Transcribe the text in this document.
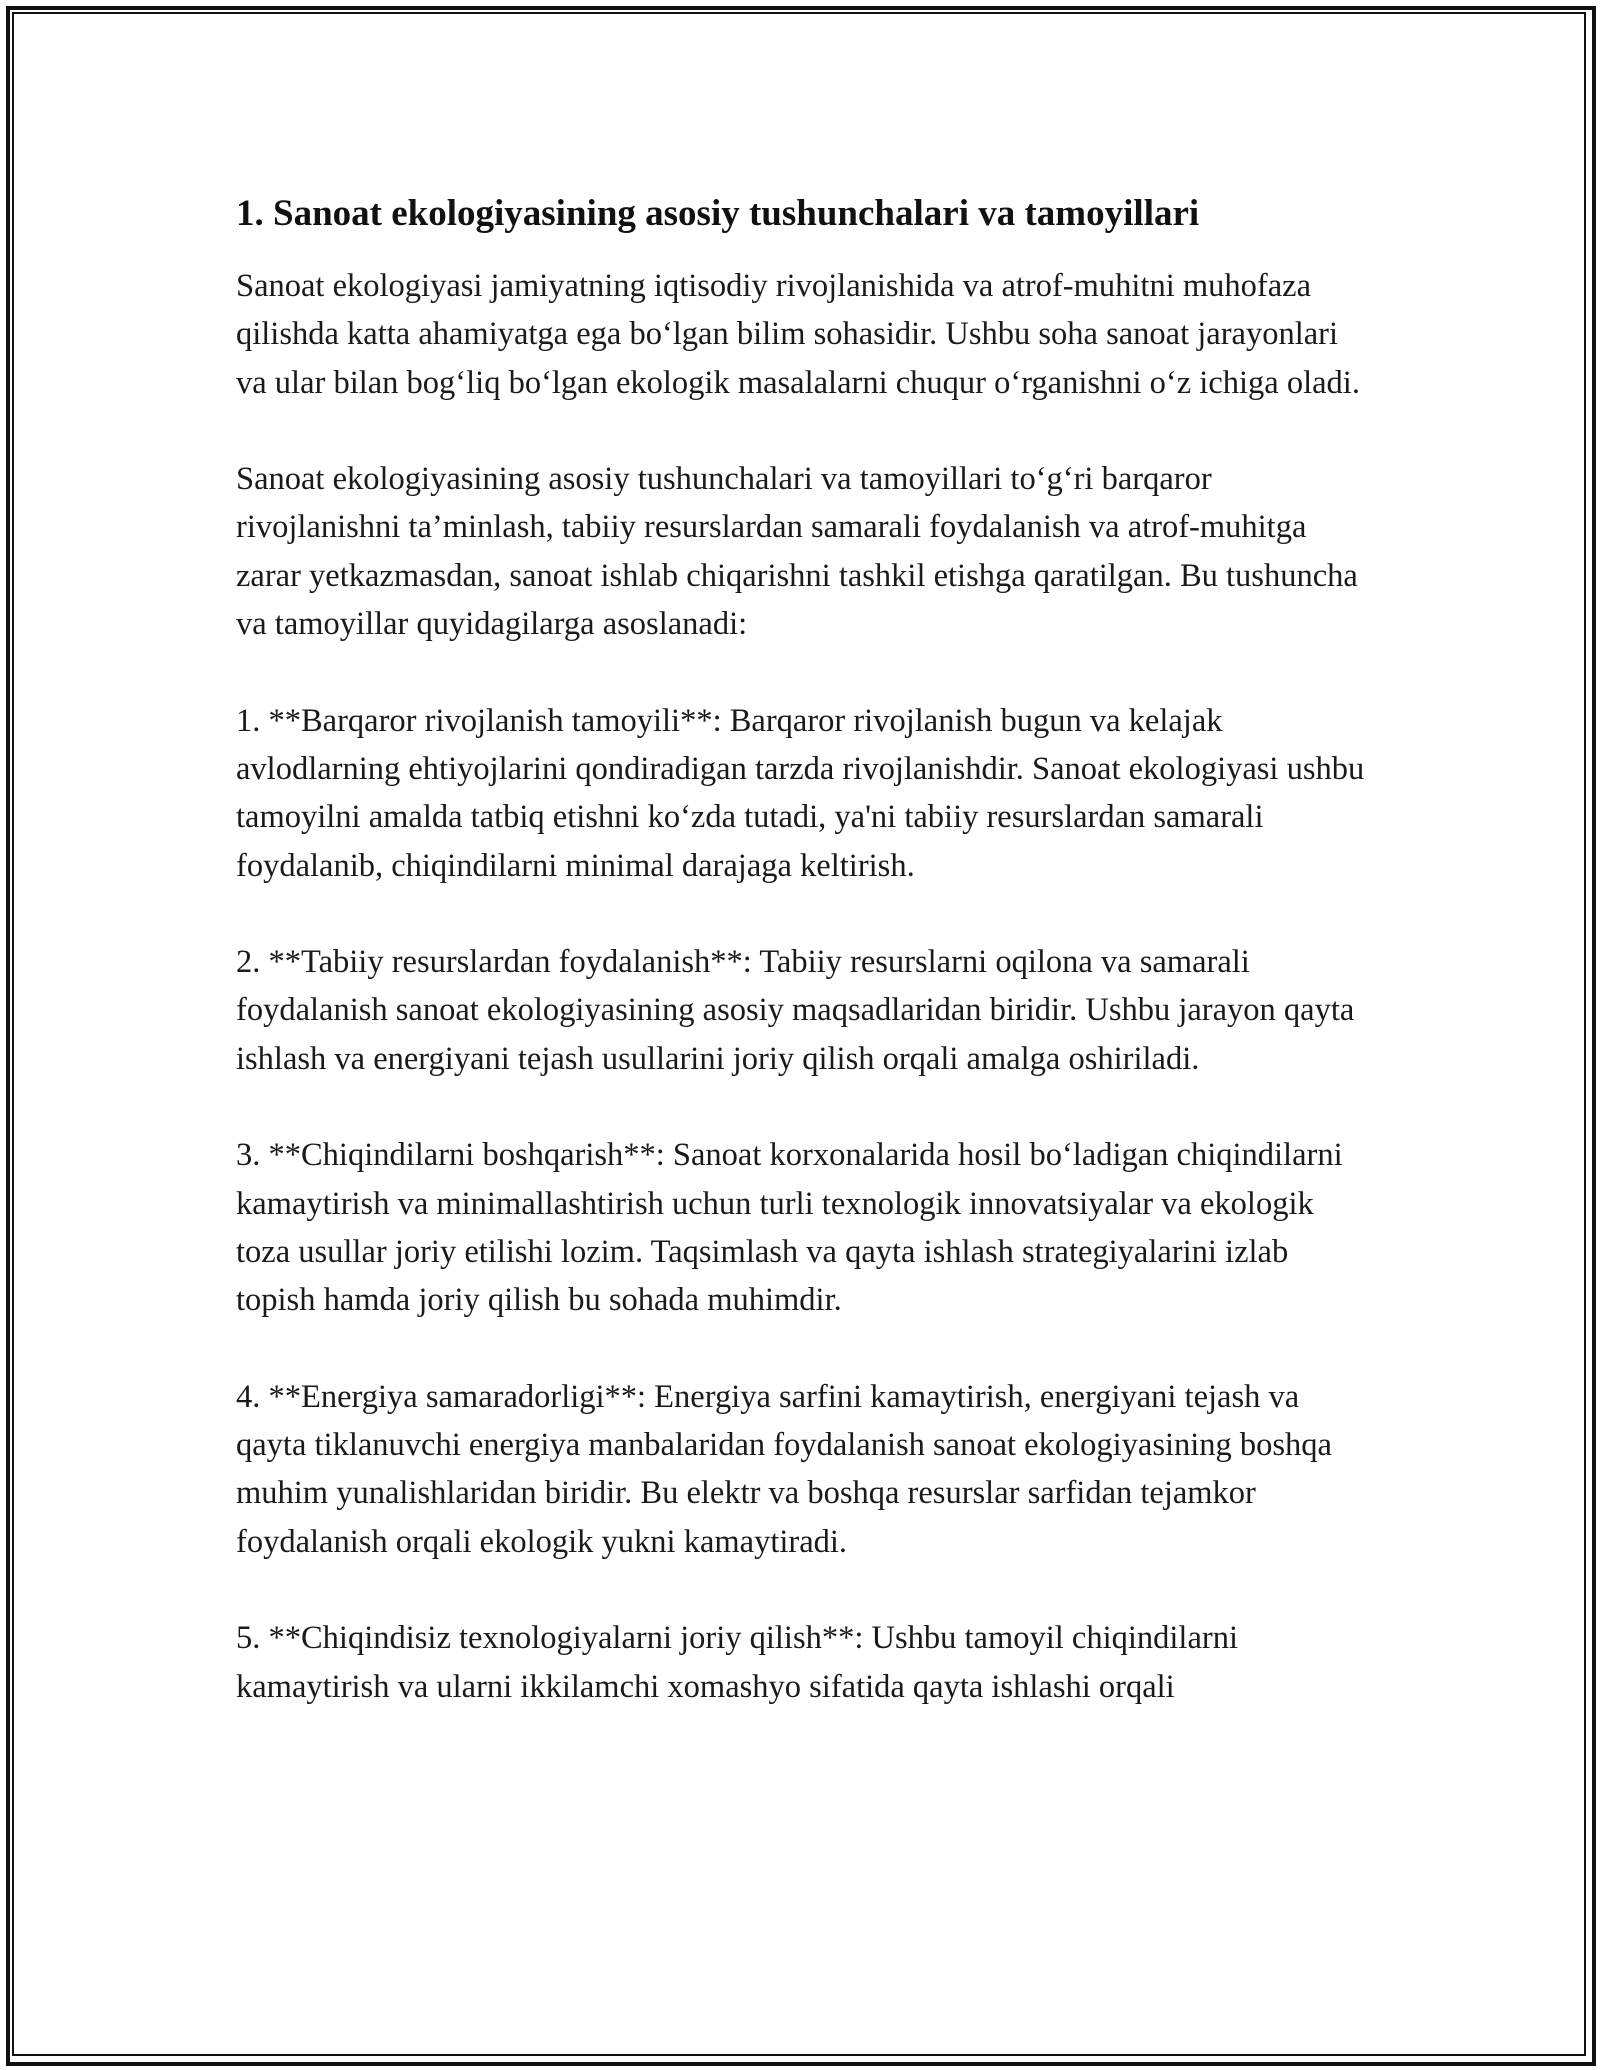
1. Sanoat ekologiyasining asosiy tushunchalari va tamoyillari

Sanoat ekologiyasi jamiyatning iqtisodiy rivojlanishida va atrof-muhitni muhofaza qilishda katta ahamiyatga ega bo‘lgan bilim sohasidir. Ushbu soha sanoat jarayonlari va ular bilan bog‘liq bo‘lgan ekologik masalalarni chuqur o‘rganishni o‘z ichiga oladi.

Sanoat ekologiyasining asosiy tushunchalari va tamoyillari to‘g‘ri barqaror rivojlanishni ta’minlash, tabiiy resurslardan samarali foydalanish va atrof-muhitga zarar yetkazmasdan, sanoat ishlab chiqarishni tashkil etishga qaratilgan. Bu tushuncha va tamoyillar quyidagilarga asoslanadi:

1. **Barqaror rivojlanish tamoyili**: Barqaror rivojlanish bugun va kelajak avlodlarning ehtiyojlarini qondiradigan tarzda rivojlanishdir. Sanoat ekologiyasi ushbu tamoyilni amalda tatbiq etishni ko‘zda tutadi, ya'ni tabiiy resurslardan samarali foydalanib, chiqindilarni minimal darajaga keltirish.

2. **Tabiiy resurslardan foydalanish**: Tabiiy resurslarni oqilona va samarali foydalanish sanoat ekologiyasining asosiy maqsadlaridan biridir. Ushbu jarayon qayta ishlash va energiyani tejash usullarini joriy qilish orqali amalga oshiriladi.

3. **Chiqindilarni boshqarish**: Sanoat korxonalarida hosil bo‘ladigan chiqindilarni kamaytirish va minimallashtirish uchun turli texnologik innovatsiyalar va ekologik toza usullar joriy etilishi lozim. Taqsimlash va qayta ishlash strategiyalarini izlab topish hamda joriy qilish bu sohada muhimdir.

4. **Energiya samaradorligi**: Energiya sarfini kamaytirish, energiyani tejash va qayta tiklanuvchi energiya manbalaridan foydalanish sanoat ekologiyasining boshqa muhim yunalishlaridan biridir. Bu elektr va boshqa resurslar sarfidan tejamkor foydalanish orqali ekologik yukni kamaytiradi.

5. **Chiqindisiz texnologiyalarni joriy qilish**: Ushbu tamoyil chiqindilarni kamaytirish va ularni ikkilamchi xomashyo sifatida qayta ishlashi orqali
